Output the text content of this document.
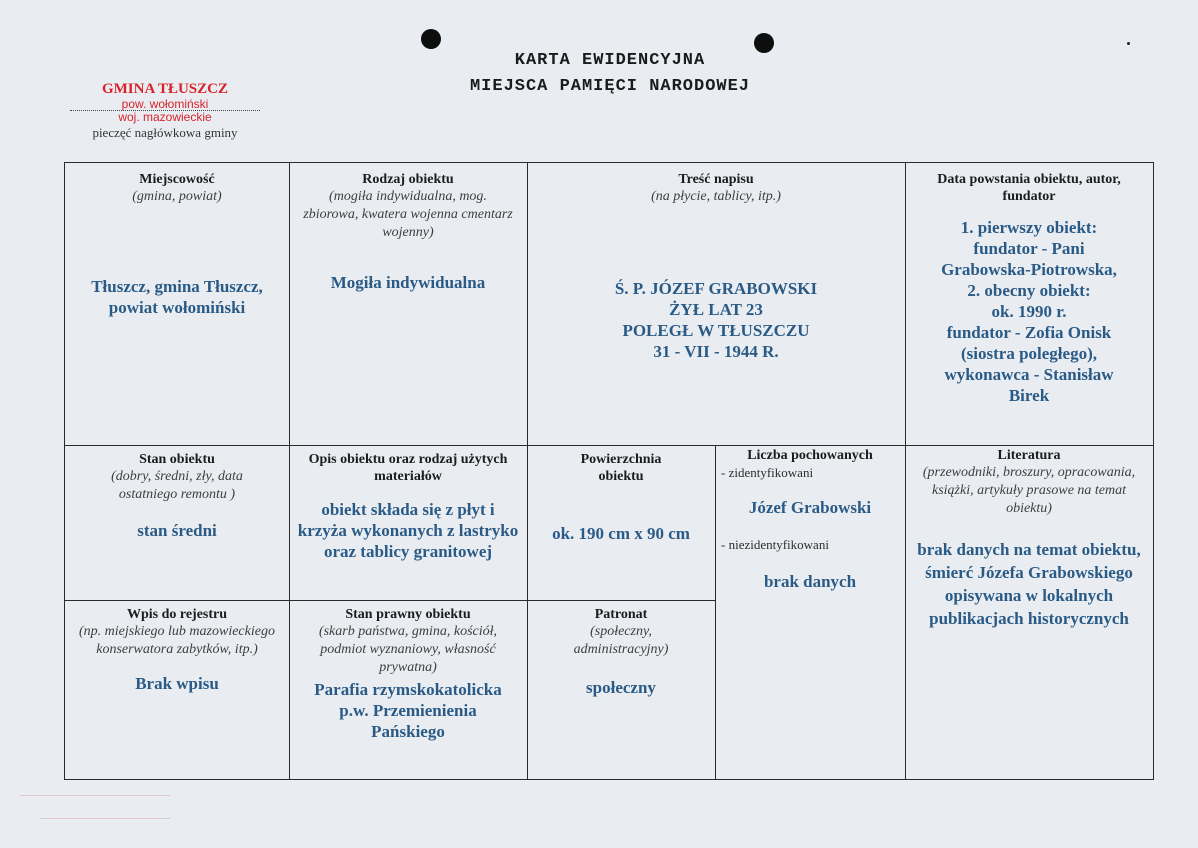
KARTA EWIDENCYJNA
MIEJSCA PAMIĘCI NARODOWEJ
GMINA TŁUSZCZ
pow. wołomiński
woj. mazowieckie
pieczęć nagłówkowa gminy
Miejscowość
(gmina, powiat)
Tłuszcz, gmina Tłuszcz, powiat wołomiński
Rodzaj obiektu
(mogiła indywidualna, mog. zbiorowa, kwatera wojenna cmentarz wojenny)
Mogiła indywidualna
Treść napisu
(na płycie, tablicy, itp.)
Ś. P. JÓZEF GRABOWSKI
ŻYŁ LAT 23
POLEGŁ W TŁUSZCZU
31 - VII - 1944 R.
Data powstania obiektu, autor, fundator
1. pierwszy obiekt:
fundator - Pani
Grabowska-Piotrowska,
2. obecny obiekt:
ok. 1990 r.
fundator - Zofia Onisk
(siostra poległego),
wykonawca - Stanisław
Birek
Stan obiektu
(dobry, średni, zły, data ostatniego remontu )
stan średni
Opis obiektu oraz rodzaj użytych materiałów
obiekt składa się z płyt i krzyża wykonanych z lastryko oraz tablicy granitowej
Powierzchnia obiektu
ok. 190 cm x 90 cm
Liczba pochowanych
- zidentyfikowani
Józef Grabowski
- niezidentyfikowani
brak danych
Literatura
(przewodniki, broszury, opracowania, książki, artykuły prasowe na temat obiektu)
brak danych na temat obiektu, śmierć Józefa Grabowskiego opisywana w lokalnych publikacjach historycznych
Wpis do rejestru
(np. miejskiego lub mazowieckiego konserwatora zabytków, itp.)
Brak wpisu
Stan prawny obiektu
(skarb państwa, gmina, kościół, podmiot wyznaniowy, własność prywatna)
Parafia rzymskokatolicka p.w. Przemienienia Pańskiego
Patronat
(społeczny, administracyjny)
społeczny
